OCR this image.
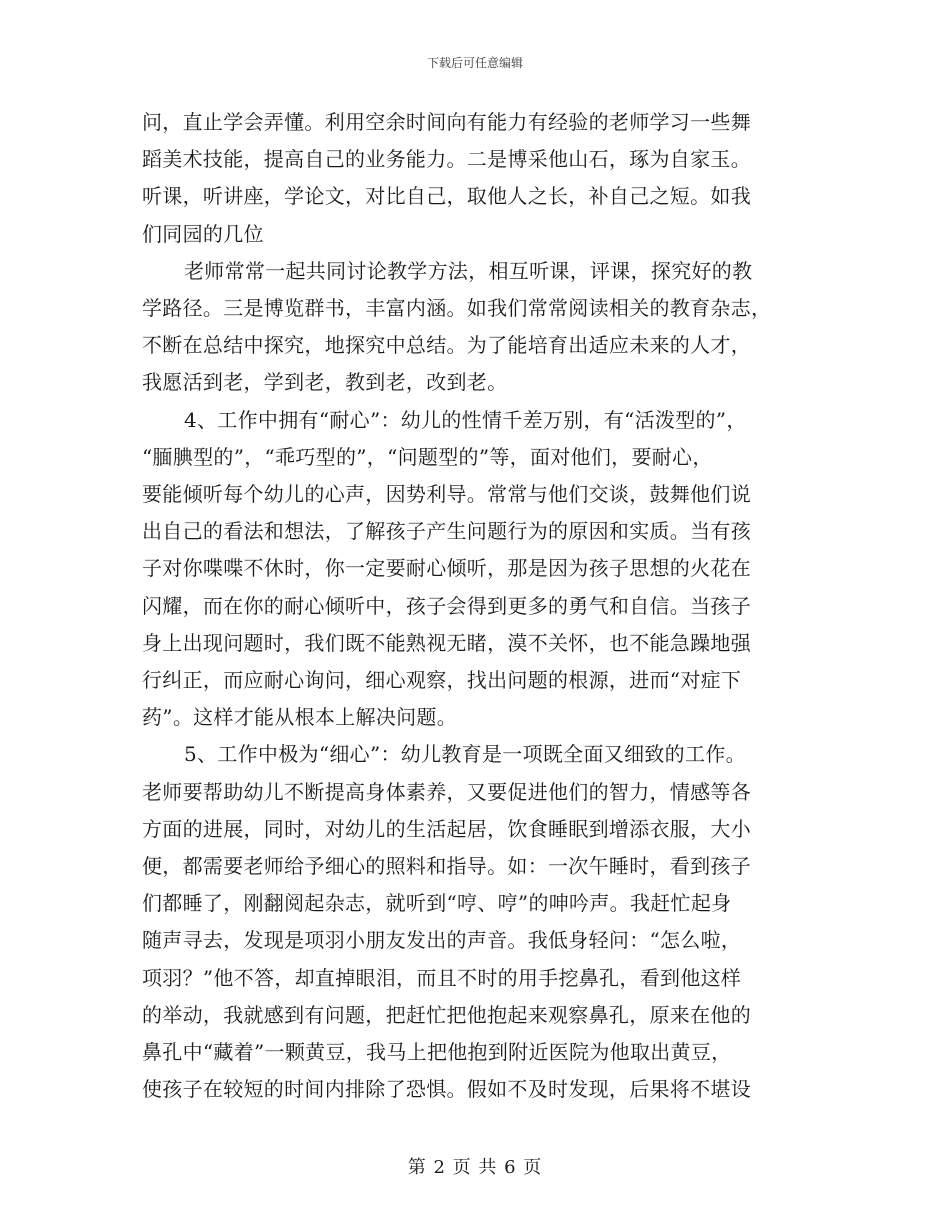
下载后可任意编辑

问，直止学会弄懂。利用空余时间向有能力有经验的老师学习一些舞
蹈美术技能，提高自己的业务能力。二是博采他山石，琢为自家玉。
听课，听讲座，学论文，对比自己，取他人之长，补自己之短。如我
们同园的几位

老师常常一起共同讨论教学方法，相互听课，评课，探究好的教
学路径。三是博览群书，丰富内涵。如我们常常阅读相关的教育杂志，
不断在总结中探究，地探究中总结。为了能培育出适应未来的人才，
我愿活到老，学到老，教到老，改到老。

4、工作中拥有“耐心”：幼儿的性情千差万别，有“活泼型的”，
“腼腆型的”，“乖巧型的”，“问题型的”等，面对他们，要耐心，
要能倾听每个幼儿的心声，因势利导。常常与他们交谈，鼓舞他们说
出自己的看法和想法，了解孩子产生问题行为的原因和实质。当有孩
子对你喋喋不休时，你一定要耐心倾听，那是因为孩子思想的火花在
闪耀，而在你的耐心倾听中，孩子会得到更多的勇气和自信。当孩子
身上出现问题时，我们既不能熟视无睹，漠不关怀，也不能急躁地强
行纠正，而应耐心询问，细心观察，找出问题的根源，进而“对症下
药”。这样才能从根本上解决问题。

5、工作中极为“细心”：幼儿教育是一项既全面又细致的工作。
老师要帮助幼儿不断提高身体素养，又要促进他们的智力，情感等各
方面的进展，同时，对幼儿的生活起居，饮食睡眠到增添衣服，大小
便，都需要老师给予细心的照料和指导。如：一次午睡时，看到孩子
们都睡了，刚翻阅起杂志，就听到“哼、哼”的呻吟声。我赶忙起身
随声寻去，发现是项羽小朋友发出的声音。我低身轻问：“怎么啦，
项羽？”他不答，却直掉眼泪，而且不时的用手挖鼻孔，看到他这样
的举动，我就感到有问题，把赶忙把他抱起来观察鼻孔，原来在他的
鼻孔中“藏着”一颗黄豆，我马上把他抱到附近医院为他取出黄豆，
使孩子在较短的时间内排除了恐惧。假如不及时发现，后果将不堪设

第 2 页 共 6 页
